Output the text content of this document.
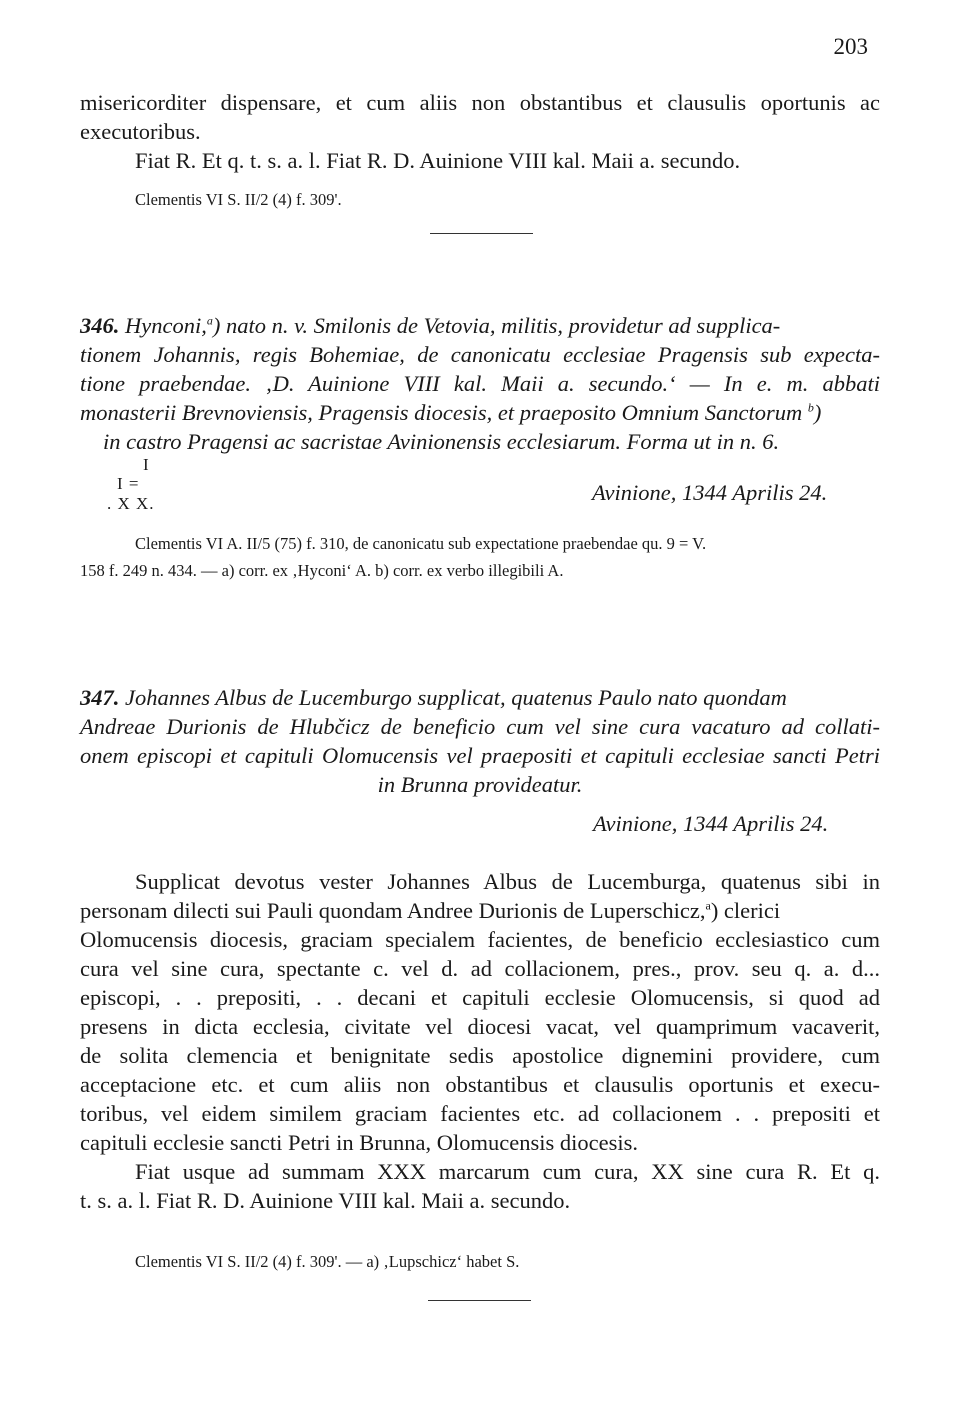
203
misericorditer dispensare, et cum aliis non obstantibus et clausulis oportunis ac
executoribus.
Fiat R. Et q. t. s. a. l. Fiat R. D. Auinione VIII kal. Maii a. secundo.
Clementis VI S. II/2 (4) f. 309'.
346. Hynconi,$^a$) nato n. v. Smilonis de Vetovia, militis, providetur ad supplica-
tionem Johannis, regis Bohemiae, de canonicatu ecclesiae Pragensis sub expecta-
tione praebendae. ‚D. Auinione VIII kal. Maii a. secundo.‘ — In e. m. abbati
monasterii Brevnoviensis, Pragensis diocesis, et praeposito Omnium Sanctorum $^b$)
in castro Pragensi ac sacristae Avinionensis ecclesiarum. Forma ut in n. 6.
I
I =
. X X.	Avinione, 1344 Aprilis 24.
Clementis VI A. II/5 (75) f. 310, de canonicatu sub expectatione praebendae qu. 9 = V.
158 f. 249 n. 434. — a) corr. ex ‚Hyconi‘ A. b) corr. ex verbo illegibili A.
347. Johannes Albus de Lucemburgo supplicat, quatenus Paulo nato quondam
Andreae Durionis de Hlubčicz de beneficio cum vel sine cura vacaturo ad collati-
onem episcopi et capituli Olomucensis vel praepositi et capituli ecclesiae sancti Petri
in Brunna provideatur.
Avinione, 1344 Aprilis 24.
Supplicat devotus vester Johannes Albus de Lucemburga, quatenus sibi in
personam dilecti sui Pauli quondam Andree Durionis de Luperschicz,$^a$) clerici
Olomucensis diocesis, graciam specialem facientes, de beneficio ecclesiastico cum
cura vel sine cura, spectante c. vel d. ad collacionem, pres., prov. seu q. a. d...
episcopi, . . prepositi, . . decani et capituli ecclesie Olomucensis, si quod ad
presens in dicta ecclesia, civitate vel diocesi vacat, vel quamprimum vacaverit,
de solita clemencia et benignitate sedis apostolice dignemini providere, cum
acceptacione etc. et cum aliis non obstantibus et clausulis oportunis et execu-
toribus, vel eidem similem graciam facientes etc. ad collacionem . . prepositi et
capituli ecclesie sancti Petri in Brunna, Olomucensis diocesis.
Fiat usque ad summam XXX marcarum cum cura, XX sine cura R. Et q.
t. s. a. l. Fiat R. D. Auinione VIII kal. Maii a. secundo.
Clementis VI S. II/2 (4) f. 309'. — a) ‚Lupschicz‘ habet S.
